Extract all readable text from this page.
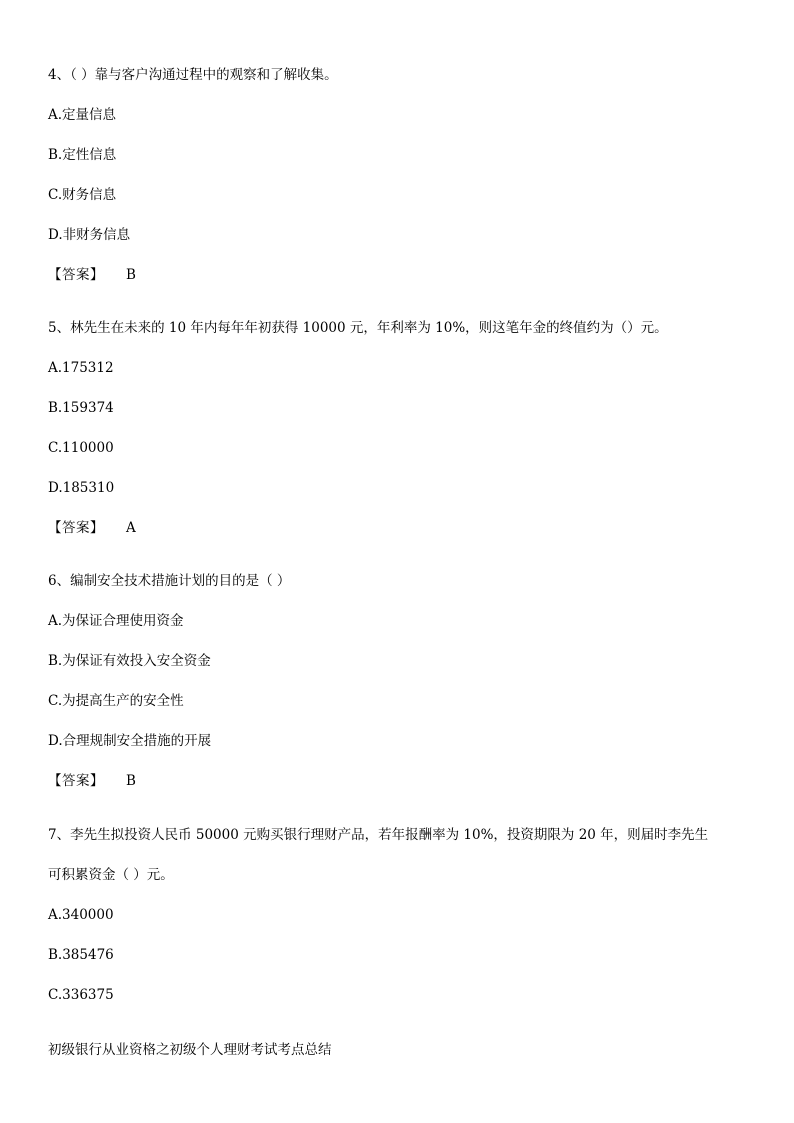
4、（ ）靠与客户沟通过程中的观察和了解收集。
A.定量信息
B.定性信息
C.财务信息
D.非财务信息
【答案】 B
5、林先生在未来的 10 年内每年年初获得 10000 元，年利率为 10%，则这笔年金的终值约为（）元。
A.175312
B.159374
C.110000
D.185310
【答案】 A
6、编制安全技术措施计划的目的是（ ）
A.为保证合理使用资金
B.为保证有效投入安全资金
C.为提高生产的安全性
D.合理规制安全措施的开展
【答案】 B
7、李先生拟投资人民币 50000 元购买银行理财产品，若年报酬率为 10%，投资期限为 20 年，则届时李先生
可积累资金（ ）元。
A.340000
B.385476
C.336375
初级银行从业资格之初级个人理财考试考点总结
